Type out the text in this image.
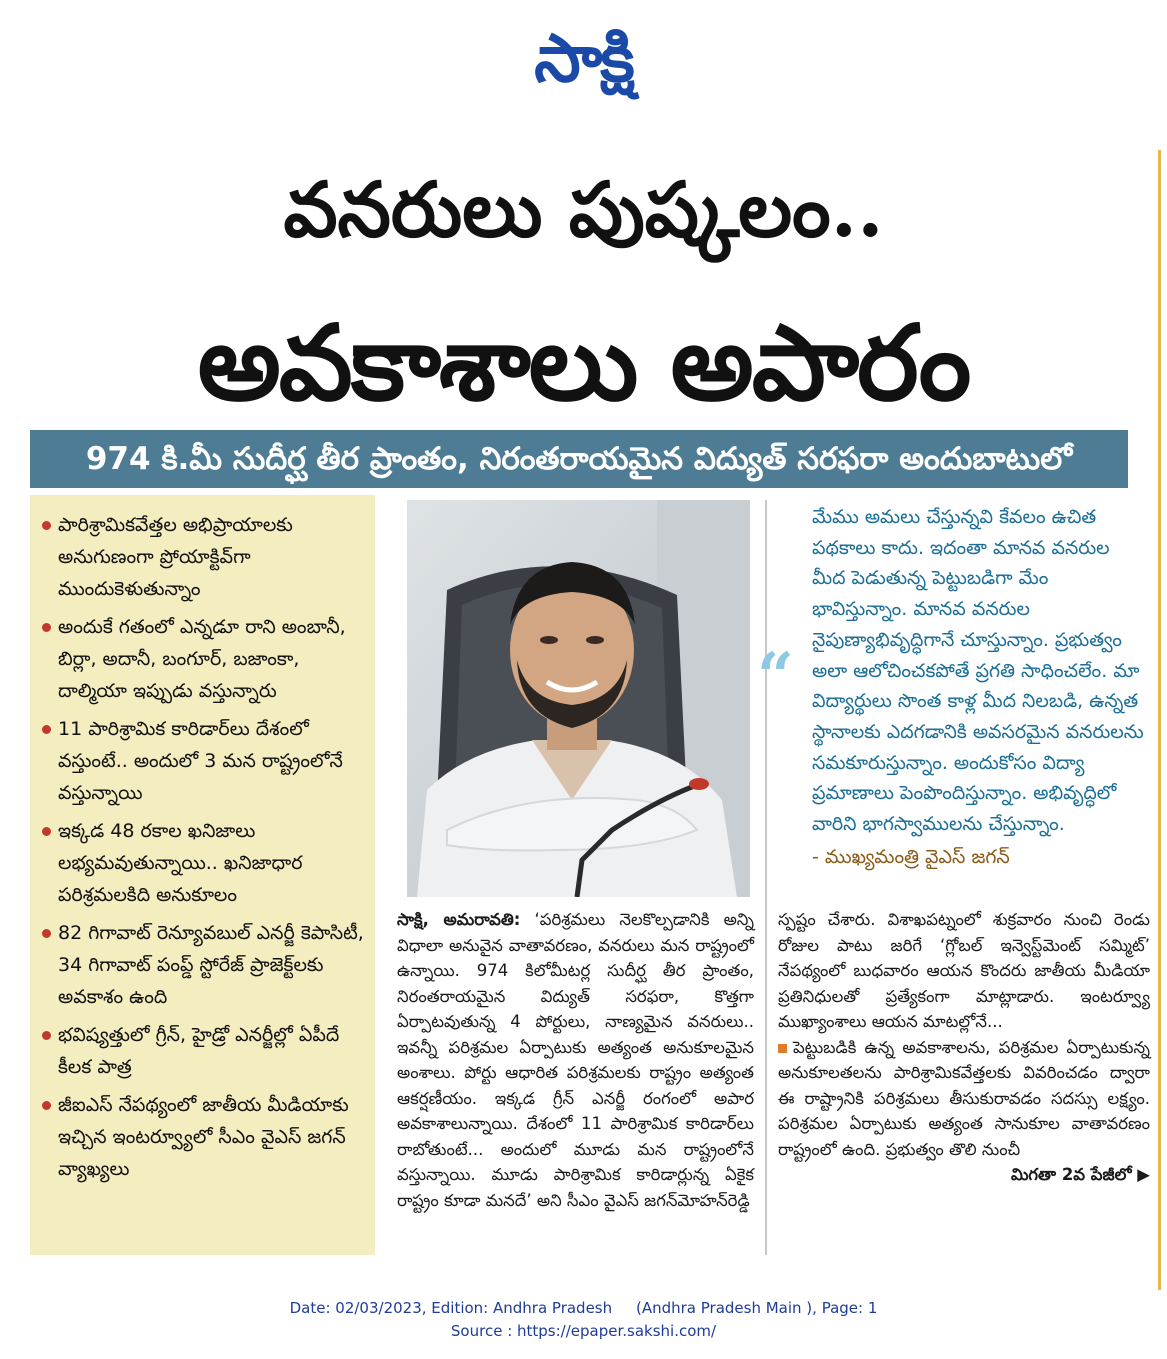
సాక్షి
వనరులు పుష్కలం..
అవకాశాలు అపారం
974 కి.మీ సుదీర్ఘ తీర ప్రాంతం, నిరంతరాయమైన విద్యుత్ సరఫరా అందుబాటులో
పారిశ్రామికవేత్తల అభిప్రాయాలకు అనుగుణంగా ప్రోయాక్టివ్‌గా ముందుకెళుతున్నాం
అందుకే గతంలో ఎన్నడూ రాని అంబానీ, బిర్లా, అదానీ, బంగూర్, బజాంకా, దాల్మియా ఇప్పుడు వస్తున్నారు
11 పారిశ్రామిక కారిడార్‌లు దేశంలో వస్తుంటే.. అందులో 3 మన రాష్ట్రంలోనే వస్తున్నాయి
ఇక్కడ 48 రకాల ఖనిజాలు లభ్యమవుతున్నాయి.. ఖనిజాధార పరిశ్రమలకిది అనుకూలం
82 గిగావాట్ రెన్యూవబుల్ ఎనర్జీ కెపాసిటీ, 34 గిగావాట్ పంప్డ్ స్టోరేజ్ ప్రాజెక్ట్‌లకు అవకాశం ఉంది
భవిష్యత్తులో గ్రీన్, హైడ్రో ఎనర్జీల్లో ఏపీదే కీలక పాత్ర
జీఐఎస్ నేపథ్యంలో జాతీయ మీడియాకు ఇచ్చిన ఇంటర్వ్యూలో సీఎం వైఎస్ జగన్ వ్యాఖ్యలు
“

మేము అమలు చేస్తున్నవి కేవలం ఉచిత పథకాలు కాదు. ఇదంతా మానవ వనరుల మీద పెడుతున్న పెట్టుబడిగా మేం భావిస్తున్నాం. మానవ వనరుల నైపుణ్యాభివృద్ధిగానే చూస్తున్నాం. ప్రభుత్వం అలా ఆలోచించకపోతే ప్రగతి సాధించలేం. మా విద్యార్థులు సొంత కాళ్ల మీద నిలబడి, ఉన్నత స్థానాలకు ఎదగడానికి అవసరమైన వనరులను సమకూరుస్తున్నాం. అందుకోసం విద్యా ప్రమాణాలు పెంపొందిస్తున్నాం. అభివృద్ధిలో వారిని భాగస్వాములను చేస్తున్నాం.

- ముఖ్యమంత్రి వైఎస్ జగన్

సాక్షి, అమరావతి: ‘పరిశ్రమలు నెలకొల్పడానికి అన్ని విధాలా అనువైన వాతావరణం, వనరులు మన రాష్ట్రంలో ఉన్నాయి. 974 కిలోమీటర్ల సుదీర్ఘ తీర ప్రాంతం, నిరంతరాయమైన విద్యుత్ సరఫరా, కొత్తగా ఏర్పాటవుతున్న 4 పోర్టులు, నాణ్యమైన వనరులు.. ఇవన్నీ పరిశ్రమల ఏర్పాటుకు అత్యంత అనుకూలమైన అంశాలు. పోర్టు ఆధారిత పరిశ్రమలకు రాష్ట్రం అత్యంత ఆకర్షణీయం. ఇక్కడ గ్రీన్ ఎనర్జీ రంగంలో అపార అవకాశాలున్నాయి. దేశంలో 11 పారిశ్రామిక కారిడార్‌లు రాబోతుంటే... అందులో మూడు మన రాష్ట్రంలోనే వస్తున్నాయి. మూడు పారిశ్రామిక కారిడార్లున్న ఏకైక రాష్ట్రం కూడా మనదే’ అని సీఎం వైఎస్ జగన్‌మోహన్‌రెడ్డి

స్పష్టం చేశారు. విశాఖపట్నంలో శుక్రవారం నుంచి రెండు రోజుల పాటు జరిగే ‘గ్లోబల్ ఇన్వెస్ట్‌మెంట్ సమ్మిట్’ నేపథ్యంలో బుధవారం ఆయన కొందరు జాతీయ మీడియా ప్రతినిధులతో ప్రత్యేకంగా మాట్లాడారు. ఇంటర్వ్యూ ముఖ్యాంశాలు ఆయన మాటల్లోనే...

పెట్టుబడికి ఉన్న అవకాశాలను, పరిశ్రమల ఏర్పాటుకున్న అనుకూలతలను పారిశ్రామికవేత్తలకు వివరించడం ద్వారా ఈ రాష్ట్రానికి పరిశ్రమలు తీసుకురావడం సదస్సు లక్ష్యం. పరిశ్రమల ఏర్పాటుకు అత్యంత సానుకూల వాతావరణం రాష్ట్రంలో ఉంది. ప్రభుత్వం తొలి నుంచీ

మిగతా 2వ పేజీలో ▶

Date: 02/03/2023, Edition: Andhra Pradesh     (Andhra Pradesh Main ), Page: 1
Source : https://epaper.sakshi.com/
